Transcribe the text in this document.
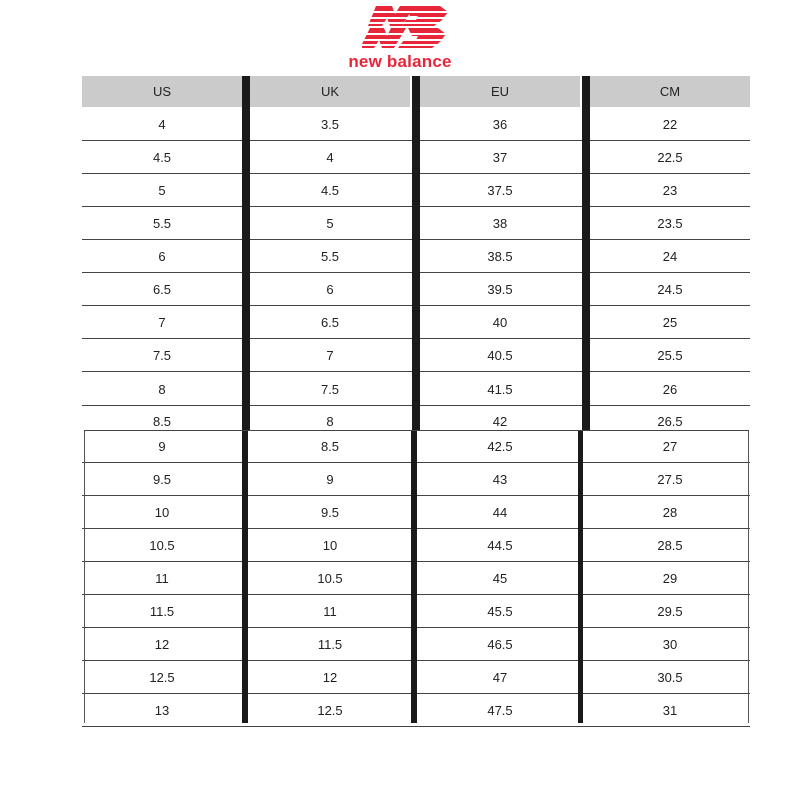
new balance
US	UK	EU	CM
4	3.5	36	22
4.5	4	37	22.5
5	4.5	37.5	23
5.5	5	38	23.5
6	5.5	38.5	24
6.5	6	39.5	24.5
7	6.5	40	25
7.5	7	40.5	25.5
8	7.5	41.5	26
8.5	8	42	26.5
9	8.5	42.5	27
9.5	9	43	27.5
10	9.5	44	28
10.5	10	44.5	28.5
11	10.5	45	29
11.5	11	45.5	29.5
12	11.5	46.5	30
12.5	12	47	30.5
13	12.5	47.5	31
